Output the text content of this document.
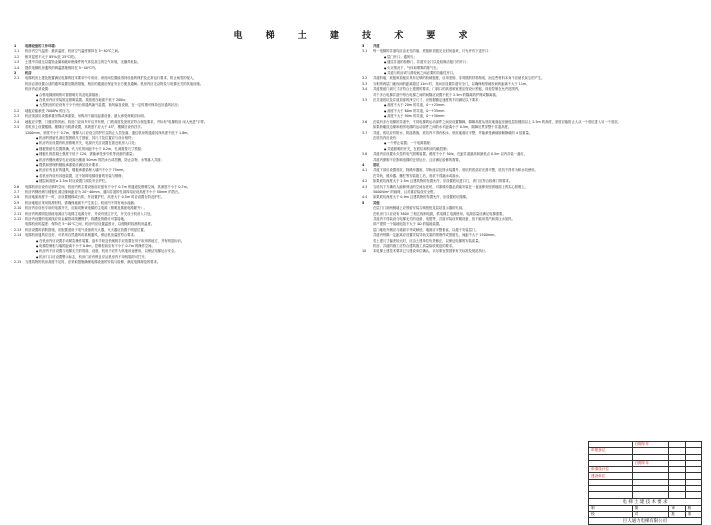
电 梯 土 建 技 术 要 求
1	电梯设备的工作环境：
1.1 机房内空气温度：最高温度、机房空气温度保持在 5~40℃之间。
1.2 相对湿度不大于 85%(在 25℃时)。
1.3 土建中井道无以腐蚀金属和破坏绝缘件的气体及灰尘的空气环境，无爆炸危险。
1.4 提供电梯机房通风的调温措施维持在 5~40℃内。
2	机房
2.1 电梯机房土建及配置满足电梯的技术要求中专用房，该房间位置能得到设备的保护及正常运行要求，防止雨雪的侵入，
机房必须设置合适的通风装置及隔热措施，相应的通道应保证安全方便及通畅。机房内应无杂物及与电梯无关的其他设施。
机房内必须设置：
● 合格电梯照明的可靠照明灯具及电源插座；
● 在机房内应安装固定照明装置，其照度在地面不低于 200lx；
● 大型机房的应设有不少于两台的通风换气装置、抽风扇及设施，在一定时期可保持良好通风状况；
2.2 地板应能承受 7000Pa 的压力。
2.3 机房顶部应设置承重吊钩或承重梁，吊钩用于悬挂起重设备，最大承受荷载应标明。
2.4 地板应平整、门窗应防风雨，机房门应向外开启并有锁，门的高度及宽度应符合规范要求，并标有"电梯机房 闲人免进"字样。
2.5 若机房上设置楼梯，楼梯应为防滑设置，其坡度不应大于 45°，楼梯应设有扶手。
1200mm，宽度不小于 0.7m，楼梯入口应设立防护栏以防止人员坠落，通往机房的通道其净高度不低于 1.8m。
● 机房的预留孔洞应按图纸尺寸预留，其尺寸及位置应与设计相符；
● 机房内应设置有机房照明开关，电源开关应设置在靠近机房入口处；
● 楼板预留孔位置准确，孔与孔的间距不小于 0.2m，孔洞需按尺寸预留；
● 楼板孔的混凝土强度不低于 C20，需能承受曳引机等设备的重量；
● 机房内钢丝绳穿孔应设高出楼面 50mm 的挡水台或挡圈，防止杂物、水等落入井道；
● 提供和预埋的楼板承重梁应满足设计要求；
● 机房应有良好的通风，楼板承重梁埋入墙内不小于 75mm。
● 若机房内设有其他装置，应不妨碍电梯设备的安装与维修；
● 楼层间高度≥ 2.5m 时应设置门洞及安全护栏。
2.6 电梯机房应设有足够的空间，机房内的主要设备前应留有不小于 0.7m 的通道及维修空间，其深度不小于 0.7m。
2.7 机房内钢丝绳与楼板孔洞边缘间距应为 20~40mm，通向井道的孔洞四周应设高度不小于 50mm 的挡台。
2.8 机房地面高度不一时，应设置楼梯或台阶，并设置护栏，高差大于 0.5m 时应设置台阶及护栏。
2.9 机房地板应采用防滑材料，需确保地面不产生灰尘，机房内不得有雨水渗漏。
2.10 机房内应设有专用的电源开关，应能切断该电梯的主电源（照明及插座电路除外）。
2.11 机房内的照明及插座电源应与电梯主电源分开，并设有独立开关，开关设于机房入口处。
2.12 机房内设置的电源线应用金属管或线槽保护，线槽及管路应可靠接地。
电梯机房的温度：保持在 5~40℃之间，机房内应设置温度计，以便随时检测机房温度。
2.13 机房设置的消防措施，应配置适用于电气设备的灭火器，灭火器应放置于明显位置。
2.14 电梯机房通风应良好，可采用自然通风或机械通风，保证机房温度符合要求。
● 在机房内应设置手动紧急操作装置，盘车手轮及松闸扳手应放置在易于取用的地方，并有明显标识。
● 电梯控制柜与墙的距离不小于 0.6m，控制柜前应有不小于 0.7m 的操作空间。
● 机房内不应设置与电梯无关的管道、设备，机房不应作为其他用途使用，以保证电梯运行安全。
● 机房门口应设置警示标志，机房门应有锁且应从机房内不用钥匙即可打开。
2.15 当建筑物的机房高度不足时，应采取措施确保电梯设备的安装与检修，满足电梯规范的要求。
3	井道
3.1 每一电梯的井道均应由无孔的墙、底板和顶板完全封闭起来，只允许有下述开口：
● 层门开口；通风孔；
● 通往井道的检修门，井道安全门以及检修活板门的开口；
● 火灾情况下，气体和烟雾的排气孔；
● 井道与机房或与滑轮间之间必要的功能性开口。
3.2 井道的墙、底板和顶板应具有足够的机械强度，应用坚固、非易燃的材料制成，而这些材料本身不应助长灰尘的产生。
3.3 当相邻两层门地坎间的距离超过 11m 时，其间应设置井道安全门，以确保相邻地坎间的距离不大于 11m。
3.4 井道预留门洞尺寸应符合土建图的要求，门洞口的高度和宽度应按设计预留，误差控制在允许范围内。
对于多台电梯井道中每台电梯之间的间隔应设置不低于 2.5m 的隔离防护网或隔离墙。
3.5 在井道底坑及井道顶部的净空尺寸，应根据额定速度的不同满足以下要求：
● 高度不大于 20m 的井道，0~+25mm
● 高度不大于 60m 的井道，0~+35mm
● 高度不大于 90m 的井道，0~+50mm
3.6 在装有多台电梯的井道中，不同电梯的运动部件之间应设置隔障，隔障高度从底坑地面起至最低层站楼面以上 2.5m 的高度，宽度应能防止人从一个底坑进入另一个底坑。
如果轿厢顶边缘和相邻电梯的运动部件之间的水平距离小于 0.5m，隔障应贯穿整个井道高度。
3.7 井道，底坑应有防水、防渗措施，底坑内不得有积水，底坑地面应平整，并能承受满载轿厢静载的 4 倍重量。
在底坑内应设有：
● 一个停止装置；一个电源插座；
● 井道照明的开关，在底坑和机房均能控制；
3.8 井道内应设置永久性的电气照明装置，照度不小于 50lx，在距井道最高和最低点 0.5m 以内各装一盏灯。
井道内照明不应影响电梯的正常运行，且应满足检修的需要。
4	底坑
4.1 井道下部应设置底坑，除缓冲器座、导轨座以及排水装置外，底坑的底部应光滑平整，底坑不得作为积水坑使用。
在导轨、缓冲器、栅栏等安装竣工后，底坑不得漏水或渗水。
4.2 如果底坑深度大于 2.5m 且建筑物的布置允许，应设置底坑进口门，该门应符合检修门的要求。
4.3 当底坑下方确有人能够到达的空间存在时，对重缓冲器必须能安装在一直延伸到坚固地面上的实心桩墩上。
5000N/m² 的载荷，且对重应装设安全钳。
4.4 如果底坑深度大于 0.9m 且建筑物的布置允许，应设置底坑爬梯。
5	其他
在层门门洞两侧墙上应预留安装召唤按钮及层站显示器的孔洞。
在机房门口应设有 380V 三相五线制电源，供电梯主电源使用，电源容量应满足电梯需要。
井道内不得装设与电梯无关的设备、电缆等，井道可装设采暖设备，但不能用蒸汽和高压水加热。
用户提供一个接地电阻不大于 4Ω 的接地装置。
层门地坎外侧应与墙面平齐或稍低，墙面应平整垂直，以便于安装层门。
井道内每隔一定距离应设置安装导轨支架的预埋件或预留孔，间距不大于 2500mm。
若土建尺寸偏差较大时，应由土建单位负责修正，以保证电梯的安装质量。
机房、井道的施工应符合建筑施工质量验收规范的要求。
10 本电梯土建技术要求已与建设单位确认，未尽事宜按国家有关标准及规范执行。
	日期年年		
申报登记			

	日期年年		
申请设计位			
建设单位			

电 梯 土 建 技 术 要 求			
制	图	审	核
校	对	批	准
巨人通力电梯有限公司			
